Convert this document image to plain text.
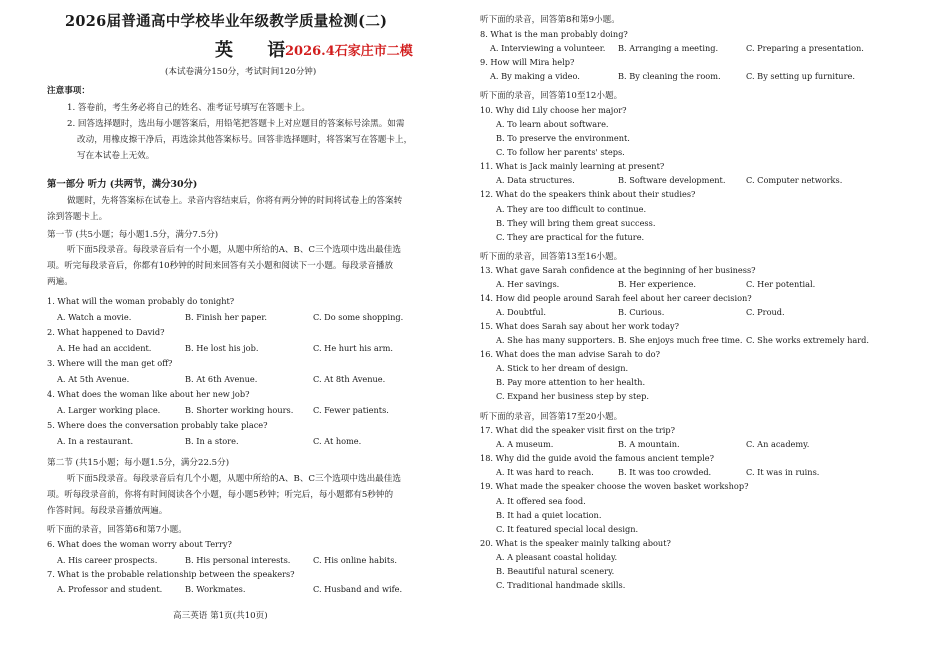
2026届普通高中学校毕业年级教学质量检测(二)
英 语
2026.4石家庄市二模
(本试卷满分150分，考试时间120分钟)
注意事项：
1. 答卷前，考生务必将自己的姓名、准考证号填写在答题卡上。
2. 回答选择题时，选出每小题答案后，用铅笔把答题卡上对应题目的答案标号涂黑。如需
改动，用橡皮擦干净后，再选涂其他答案标号。回答非选择题时，将答案写在答题卡上，
写在本试卷上无效。
第一部分 听力 (共两节，满分30分)
做题时，先将答案标在试卷上。录音内容结束后，你将有两分钟的时间将试卷上的答案转
涂到答题卡上。
第一节 (共5小题；每小题1.5分，满分7.5分)
听下面5段录音。每段录音后有一个小题，从题中所给的A、B、C三个选项中选出最佳选
项。听完每段录音后，你都有10秒钟的时间来回答有关小题和阅读下一小题。每段录音播放
两遍。
1. What will the woman probably do tonight?
A. Watch a movie.	B. Finish her paper.	C. Do some shopping.
2. What happened to David?
A. He had an accident.	B. He lost his job.	C. He hurt his arm.
3. Where will the man get off?
A. At 5th Avenue.	B. At 6th Avenue.	C. At 8th Avenue.
4. What does the woman like about her new job?
A. Larger working place.	B. Shorter working hours. C. Fewer patients.
5. Where does the conversation probably take place?
A. In a restaurant.	B. In a store.	C. At home.
第二节 (共15小题；每小题1.5分，满分22.5分)
听下面5段录音。每段录音后有几个小题，从题中所给的A、B、C三个选项中选出最佳选
项。听每段录音前，你将有时间阅读各个小题，每小题5秒钟；听完后，每小题都有5秒钟的
作答时间。每段录音播放两遍。
听下面的录音，回答第6和第7小题。
6. What does the woman worry about Terry?
A. His career prospects.	B. His personal interests.	C. His online habits.
7. What is the probable relationship between the speakers?
A. Professor and student.	B. Workmates.	C. Husband and wife.
高三英语 第1页(共10页)
听下面的录音，回答第8和第9小题。
8. What is the man probably doing?
A. Interviewing a volunteer. B. Arranging a meeting.	C. Preparing a presentation.
9. How will Mira help?
A. By making a video.	B. By cleaning the room.	C. By setting up furniture.
听下面的录音，回答第10至12小题。
10. Why did Lily choose her major?
A. To learn about software.
B. To preserve the environment.
C. To follow her parents' steps.
11. What is Jack mainly learning at present?
A. Data structures.	B. Software development.	C. Computer networks.
12. What do the speakers think about their studies?
A. They are too difficult to continue.
B. They will bring them great success.
C. They are practical for the future.
听下面的录音，回答第13至16小题。
13. What gave Sarah confidence at the beginning of her business?
A. Her savings.	B. Her experience.	C. Her potential.
14. How did people around Sarah feel about her career decision?
A. Doubtful.	B. Curious.	C. Proud.
15. What does Sarah say about her work today?
A. She has many supporters. B. She enjoys much free time. C. She works extremely hard.
16. What does the man advise Sarah to do?
A. Stick to her dream of design.
B. Pay more attention to her health.
C. Expand her business step by step.
听下面的录音，回答第17至20小题。
17. What did the speaker visit first on the trip?
A. A museum.	B. A mountain.	C. An academy.
18. Why did the guide avoid the famous ancient temple?
A. It was hard to reach.	B. It was too crowded.	C. It was in ruins.
19. What made the speaker choose the woven basket workshop?
A. It offered sea food.
B. It had a quiet location.
C. It featured special local design.
20. What is the speaker mainly talking about?
A. A pleasant coastal holiday.
B. Beautiful natural scenery.
C. Traditional handmade skills.
